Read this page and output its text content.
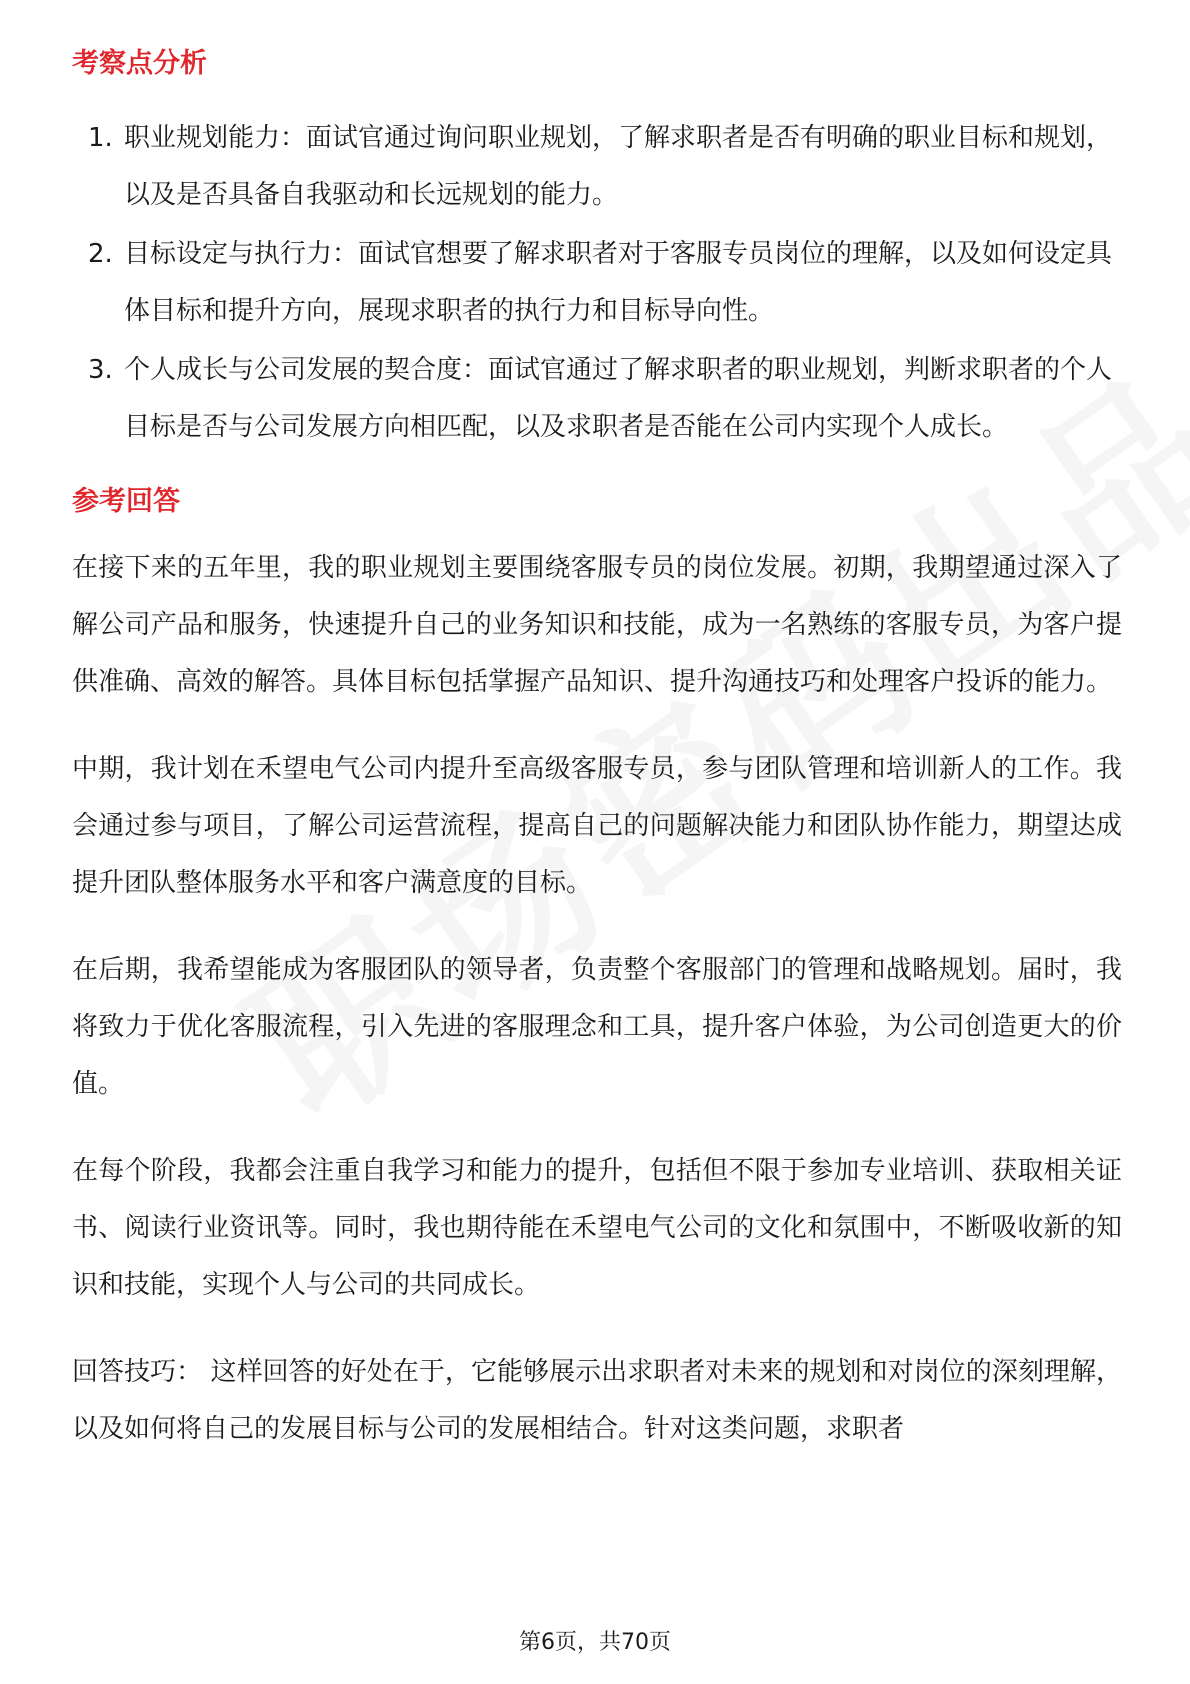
考察点分析
1. 职业规划能力：面试官通过询问职业规划，了解求职者是否有明确的职业目标和规划，以及是否具备自我驱动和长远规划的能力。
2. 目标设定与执行力：面试官想要了解求职者对于客服专员岗位的理解，以及如何设定具体目标和提升方向，展现求职者的执行力和目标导向性。
3. 个人成长与公司发展的契合度：面试官通过了解求职者的职业规划，判断求职者的个人目标是否与公司发展方向相匹配，以及求职者是否能在公司内实现个人成长。
参考回答

在接下来的五年里，我的职业规划主要围绕客服专员的岗位发展。初期，我期望通过深入了解公司产品和服务，快速提升自己的业务知识和技能，成为一名熟练的客服专员，为客户提供准确、高效的解答。具体目标包括掌握产品知识、提升沟通技巧和处理客户投诉的能力。

中期，我计划在禾望电气公司内提升至高级客服专员，参与团队管理和培训新人的工作。我会通过参与项目，了解公司运营流程，提高自己的问题解决能力和团队协作能力，期望达成提升团队整体服务水平和客户满意度的目标。

在后期，我希望能成为客服团队的领导者，负责整个客服部门的管理和战略规划。届时，我将致力于优化客服流程，引入先进的客服理念和工具，提升客户体验，为公司创造更大的价值。

在每个阶段，我都会注重自我学习和能力的提升，包括但不限于参加专业培训、获取相关证书、阅读行业资讯等。同时，我也期待能在禾望电气公司的文化和氛围中，不断吸收新的知识和技能，实现个人与公司的共同成长。

回答技巧： 这样回答的好处在于，它能够展示出求职者对未来的规划和对岗位的深刻理解，以及如何将自己的发展目标与公司的发展相结合。针对这类问题，求职者

第6页，共70页
